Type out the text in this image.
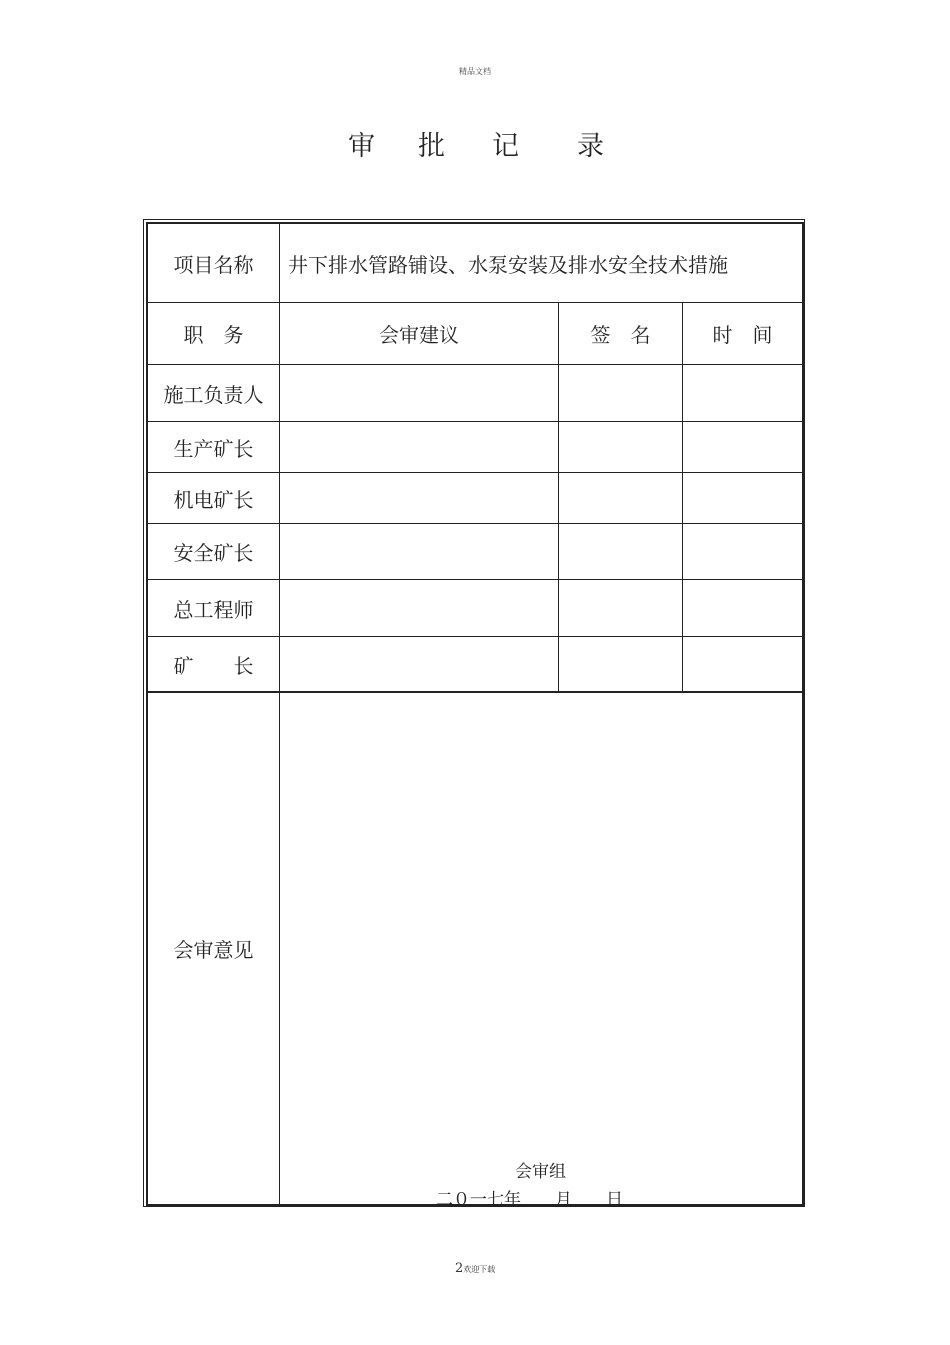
精品文档
审 批 记 录
项目名称	井下排水管路铺设、水泵安装及排水安全技术措施
职　务	会审建议	签　名	时　间
施工负责人
生产矿长
机电矿长
安全矿长
总工程师
矿　　长
会审意见
会审组
二０一七年　　月　　日
2欢迎下载
